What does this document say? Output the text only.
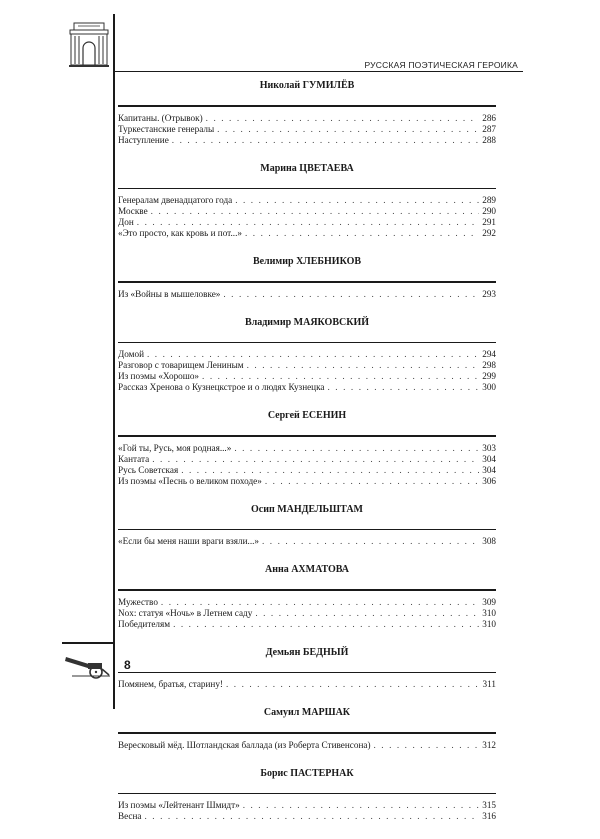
РУССКАЯ ПОЭТИЧЕСКАЯ ГЕРОИКА
Николай ГУМИЛЁВ
Капитаны. (Отрывок) . . .	286
Туркестанские генералы . . .	287
Наступление . . .	288
Марина ЦВЕТАЕВА
Генералам двенадцатого года . . .	289
Москве . . .	290
Дон . . .	291
«Это просто, как кровь и пот...» . . .	292
Велимир ХЛЕБНИКОВ
Из «Войны в мышеловке» . . .	293
Владимир МАЯКОВСКИЙ
Домой . . .	294
Разговор с товарищем Лениным . . .	298
Из поэмы «Хорошо» . . .	299
Рассказ Хренова о Кузнецкстрое и о людях Кузнецка . . .	300
Сергей ЕСЕНИН
«Гой ты, Русь, моя родная...» . . .	303
Кантата . . .	304
Русь Советская . . .	304
Из поэмы «Песнь о великом походе» . . .	306
Осип МАНДЕЛЬШТАМ
«Если бы меня наши враги взяли...» . . .	308
Анна АХМАТОВА
Мужество . . .	309
Nox: статуя «Ночь» в Летнем саду . . .	310
Победителям . . .	310
Демьян БЕДНЫЙ
Помянем, братья, старину! . . .	311
Самуил МАРШАК
Вересковый мёд. Шотландская баллада (из Роберта Стивенсона) . . .	312
Борис ПАСТЕРНАК
Из поэмы «Лейтенант Шмидт» . . .	315
Весна . . .	316
8
